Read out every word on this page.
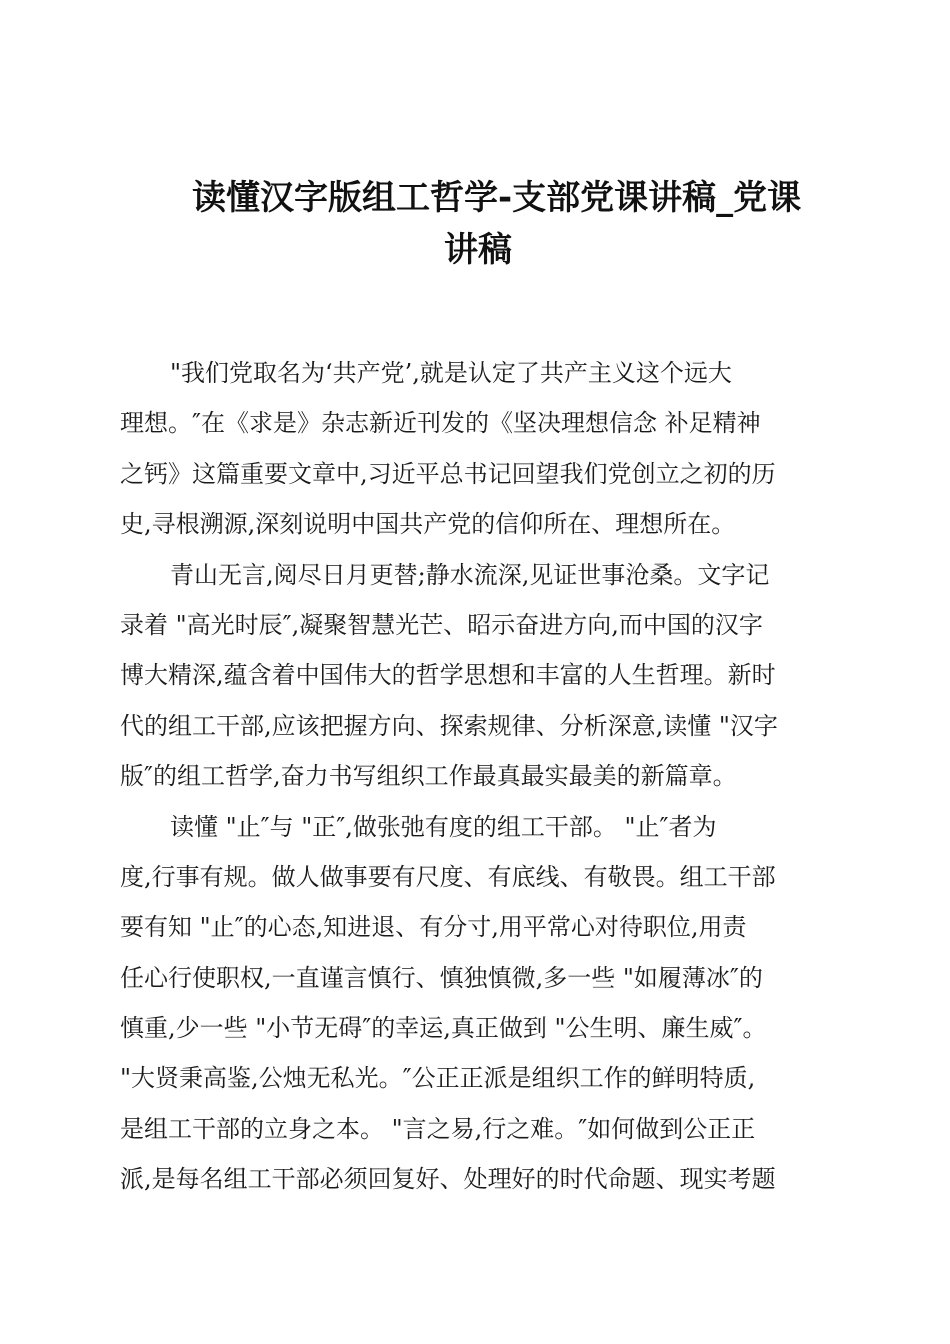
读懂汉字版组工哲学-支部党课讲稿_党课
讲稿
"我们党取名为‘共产党’,就是认定了共产主义这个远大
理想。″在《求是》杂志新近刊发的《坚决理想信念 补足精神
之钙》这篇重要文章中,习近平总书记回望我们党创立之初的历
史,寻根溯源,深刻说明中国共产党的信仰所在、理想所在。
青山无言,阅尽日月更替;静水流深,见证世事沧桑。文字记
录着 "高光时辰″,凝聚智慧光芒、昭示奋进方向,而中国的汉字
博大精深,蕴含着中国伟大的哲学思想和丰富的人生哲理。新时
代的组工干部,应该把握方向、探索规律、分析深意,读懂 "汉字
版″的组工哲学,奋力书写组织工作最真最实最美的新篇章。
读懂 "止″与 "正″,做张弛有度的组工干部。 "止″者为
度,行事有规。做人做事要有尺度、有底线、有敬畏。组工干部
要有知 "止″的心态,知进退、有分寸,用平常心对待职位,用责
任心行使职权,一直谨言慎行、慎独慎微,多一些 "如履薄冰″的
慎重,少一些 "小节无碍″的幸运,真正做到 "公生明、廉生威″。
"大贤秉高鉴,公烛无私光。″公正正派是组织工作的鲜明特质,
是组工干部的立身之本。 "言之易,行之难。″如何做到公正正
派,是每名组工干部必须回复好、处理好的时代命题、现实考题
